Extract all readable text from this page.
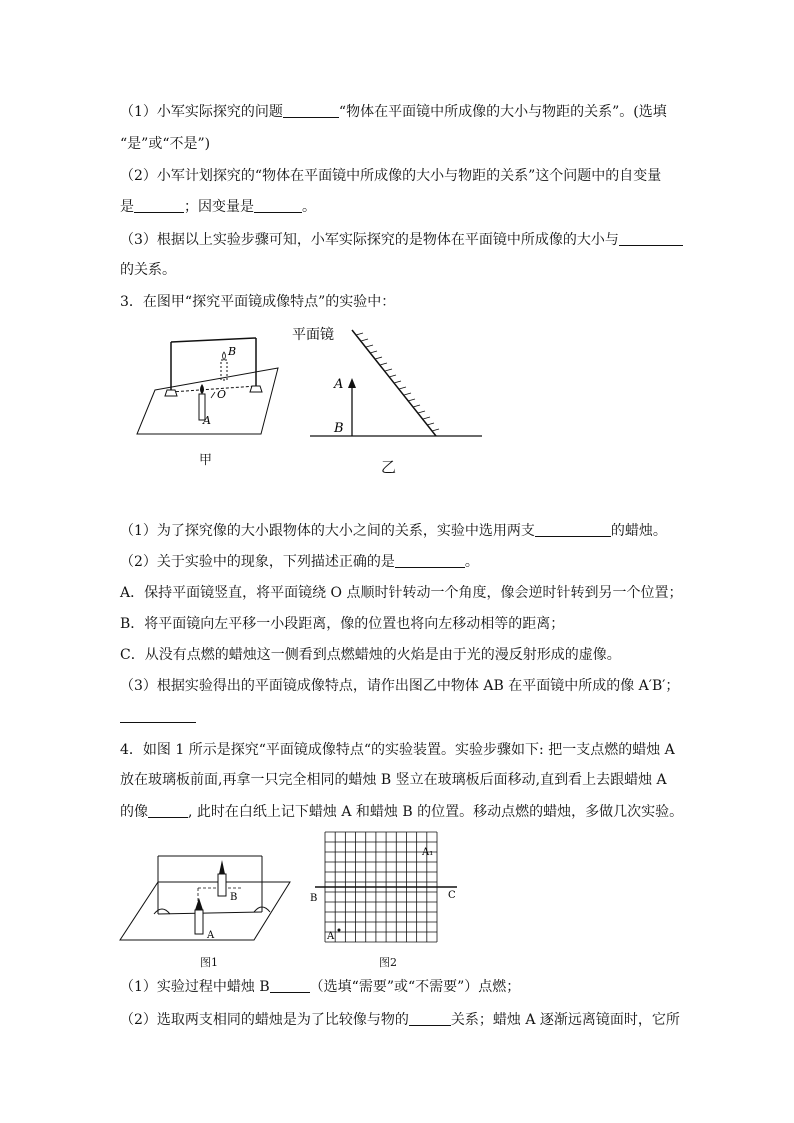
（1）小军实际探究的问题	“物体在平面镜中所成像的大小与物距的关系”。(选填
“是”或“不是”)
（2）小军计划探究的“物体在平面镜中所成像的大小与物距的关系”这个问题中的自变量
是	；因变量是	。
（3）根据以上实验步骤可知，小军实际探究的是物体在平面镜中所成像的大小与
的关系。
3．在图甲“探究平面镜成像特点”的实验中：
B
O
A
甲
平面镜
A
B
乙
（1）为了探究像的大小跟物体的大小之间的关系，实验中选用两支	的蜡烛。
（2）关于实验中的现象，下列描述正确的是	。
A．保持平面镜竖直，将平面镜绕 O 点顺时针转动一个角度，像会逆时针转到另一个位置；
B．将平面镜向左平移一小段距离，像的位置也将向左移动相等的距离；
C．从没有点燃的蜡烛这一侧看到点燃蜡烛的火焰是由于光的漫反射形成的虚像。
（3）根据实验得出的平面镜成像特点，请作出图乙中物体 AB 在平面镜中所成的像 A′B′；
4．如图 1 所示是探究“平面镜成像特点“的实验装置。实验步骤如下: 把一支点燃的蜡烛 A
放在玻璃板前面,再拿一只完全相同的蜡烛 B 竖立在玻璃板后面移动,直到看上去跟蜡烛 A
的像	, 此时在白纸上记下蜡烛 A 和蜡烛 B 的位置。移动点燃的蜡烛，多做几次实验。
B
A
图1
A₁
B	C
A
图2
（1）实验过程中蜡烛 B	（选填“需要”或“不需要”）点燃；
（2）选取两支相同的蜡烛是为了比较像与物的	关系；蜡烛 A 逐渐远离镜面时，它所
